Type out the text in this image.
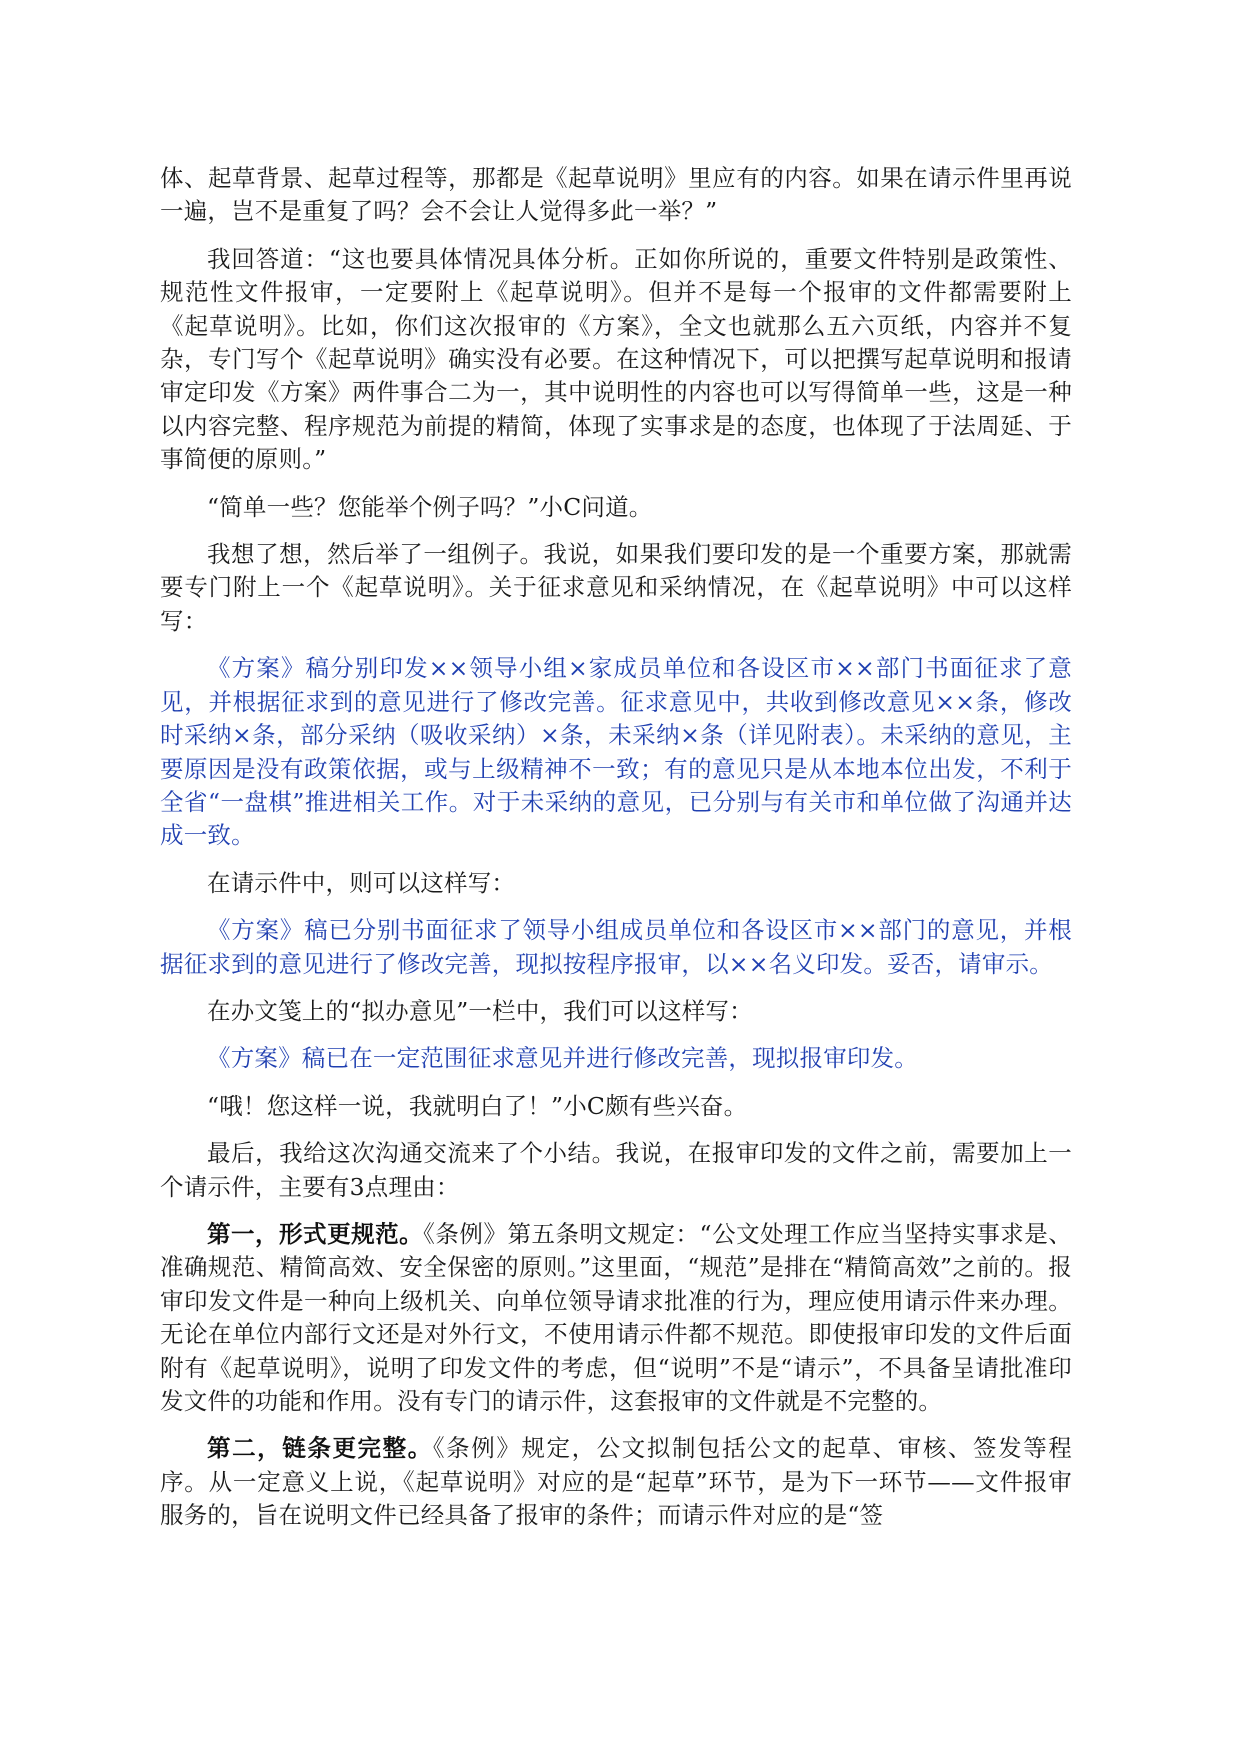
体、起草背景、起草过程等，那都是《起草说明》里应有的内容。如果在请示件里再说一遍，岂不是重复了吗？会不会让人觉得多此一举？”

我回答道：“这也要具体情况具体分析。正如你所说的，重要文件特别是政策性、规范性文件报审，一定要附上《起草说明》。但并不是每一个报审的文件都需要附上《起草说明》。比如，你们这次报审的《方案》，全文也就那么五六页纸，内容并不复杂，专门写个《起草说明》确实没有必要。在这种情况下，可以把撰写起草说明和报请审定印发《方案》两件事合二为一，其中说明性的内容也可以写得简单一些，这是一种以内容完整、程序规范为前提的精简，体现了实事求是的态度，也体现了于法周延、于事简便的原则。”

“简单一些？您能举个例子吗？”小C问道。

我想了想，然后举了一组例子。我说，如果我们要印发的是一个重要方案，那就需要专门附上一个《起草说明》。关于征求意见和采纳情况，在《起草说明》中可以这样写：

《方案》稿分别印发××领导小组×家成员单位和各设区市××部门书面征求了意见，并根据征求到的意见进行了修改完善。征求意见中，共收到修改意见××条，修改时采纳×条，部分采纳（吸收采纳）×条，未采纳×条（详见附表）。未采纳的意见，主要原因是没有政策依据，或与上级精神不一致；有的意见只是从本地本位出发，不利于全省“一盘棋”推进相关工作。对于未采纳的意见，已分别与有关市和单位做了沟通并达成一致。

在请示件中，则可以这样写：

《方案》稿已分别书面征求了领导小组成员单位和各设区市××部门的意见，并根据征求到的意见进行了修改完善，现拟按程序报审，以××名义印发。妥否，请审示。

在办文笺上的“拟办意见”一栏中，我们可以这样写：

《方案》稿已在一定范围征求意见并进行修改完善，现拟报审印发。

“哦！您这样一说，我就明白了！”小C颇有些兴奋。

最后，我给这次沟通交流来了个小结。我说，在报审印发的文件之前，需要加上一个请示件，主要有3点理由：

第一，形式更规范。《条例》第五条明文规定：“公文处理工作应当坚持实事求是、准确规范、精简高效、安全保密的原则。”这里面，“规范”是排在“精简高效”之前的。报审印发文件是一种向上级机关、向单位领导请求批准的行为，理应使用请示件来办理。无论在单位内部行文还是对外行文，不使用请示件都不规范。即使报审印发的文件后面附有《起草说明》，说明了印发文件的考虑，但“说明”不是“请示”，不具备呈请批准印发文件的功能和作用。没有专门的请示件，这套报审的文件就是不完整的。

第二，链条更完整。《条例》规定，公文拟制包括公文的起草、审核、签发等程序。从一定意义上说，《起草说明》对应的是“起草”环节，是为下一环节——文件报审服务的，旨在说明文件已经具备了报审的条件；而请示件对应的是“签
